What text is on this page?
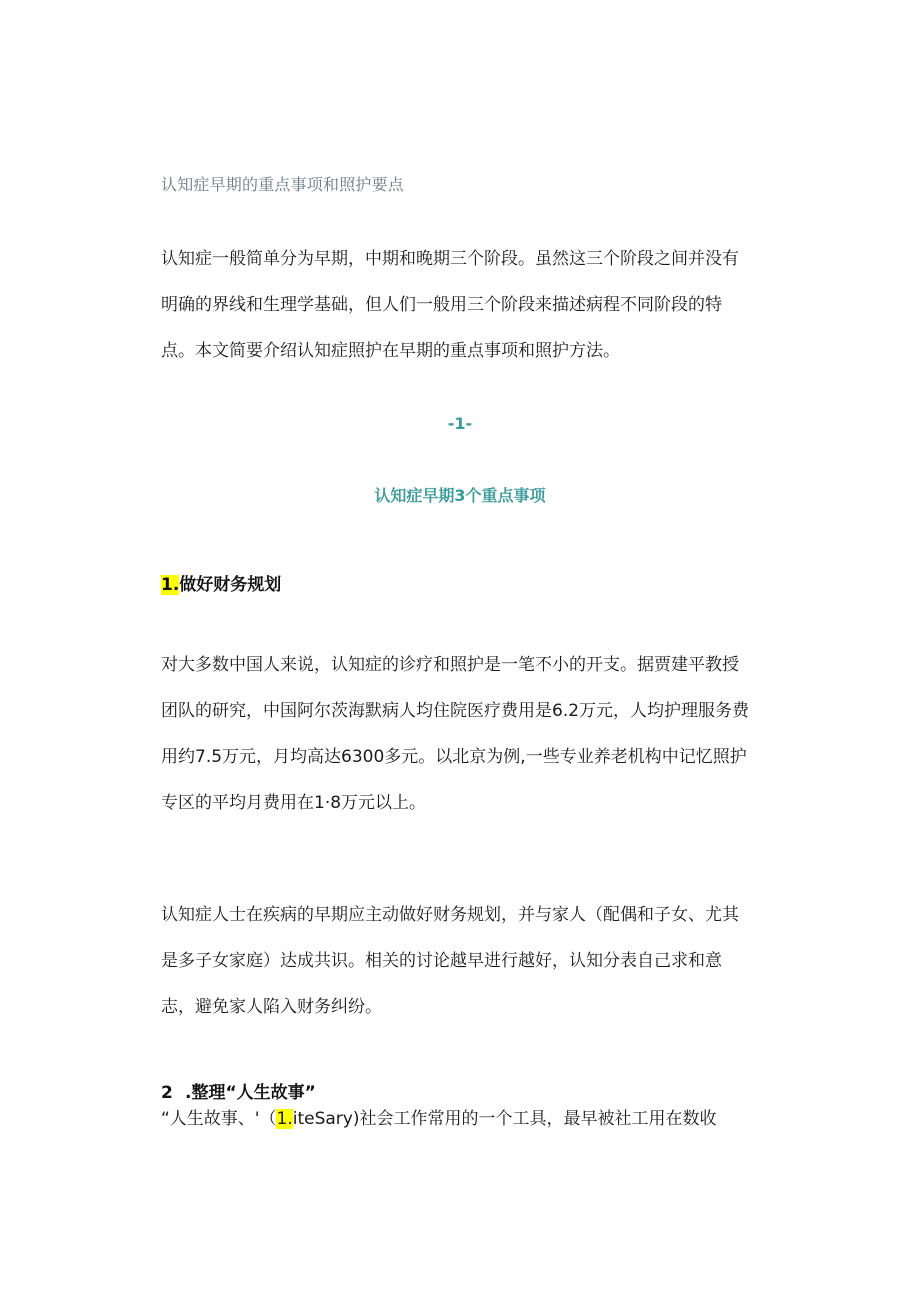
认知症早期的重点事项和照护要点
认知症一般简单分为早期，中期和晚期三个阶段。虽然这三个阶段之间并没有
明确的界线和生理学基础，但人们一般用三个阶段来描述病程不同阶段的特
点。本文简要介绍认知症照护在早期的重点事项和照护方法。
-1-
认知症早期3个重点事项
1.做好财务规划
对大多数中国人来说，认知症的诊疗和照护是一笔不小的开支。据贾建平教授
团队的研究，中国阿尔茨海默病人均住院医疗费用是6.2万元，人均护理服务费
用约7.5万元，月均高达6300多元。以北京为例,一些专业养老机构中记忆照护
专区的平均月费用在1·8万元以上。
认知症人士在疾病的早期应主动做好财务规划，并与家人（配偶和子女、尤其
是多子女家庭）达成共识。相关的讨论越早进行越好，认知分表自己求和意
志，避免家人陷入财务纠纷。
2 .整理“人生故事”
“人生故事、'（1.iteSary)社会工作常用的一个工具，最早被社工用在数收
